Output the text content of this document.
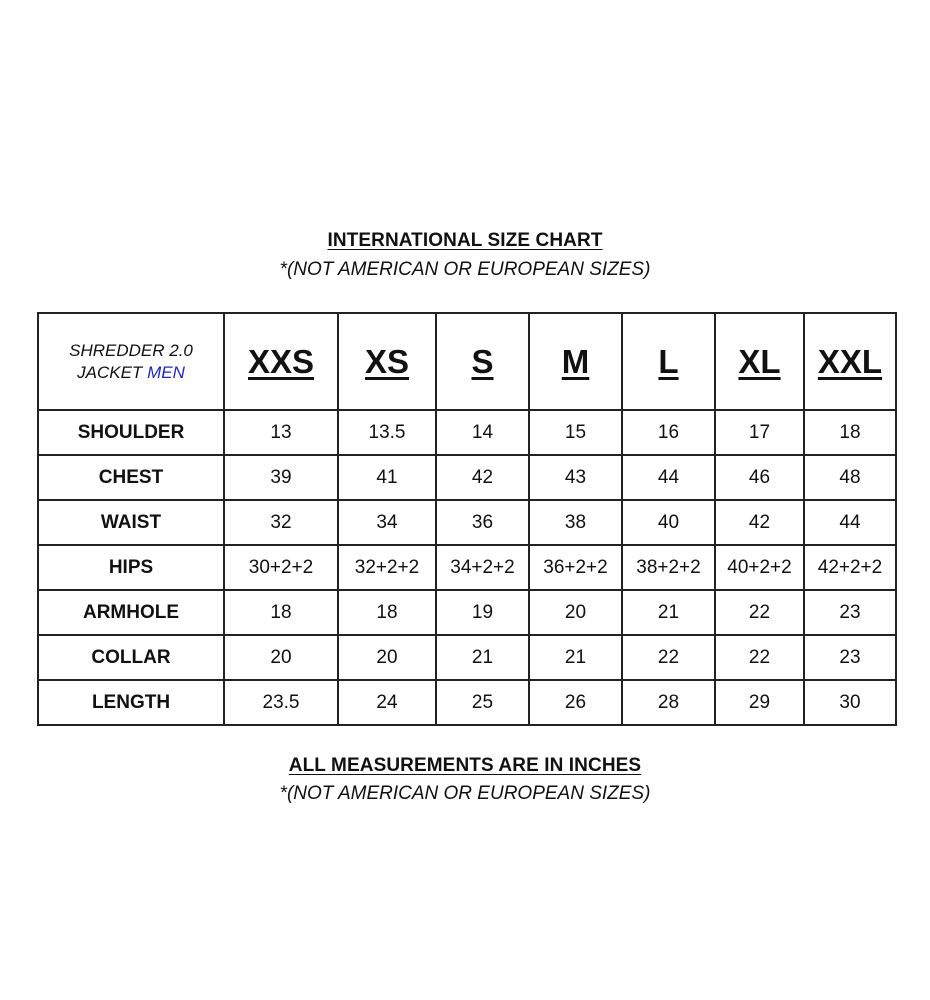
INTERNATIONAL SIZE CHART
*(NOT AMERICAN OR EUROPEAN SIZES)
SHREDDER 2.0
JACKET MEN	XXS	XS	S	M	L	XL	XXL
SHOULDER	13	13.5	14	15	16	17	18
CHEST	39	41	42	43	44	46	48
WAIST	32	34	36	38	40	42	44
HIPS	30+2+2	32+2+2	34+2+2	36+2+2	38+2+2	40+2+2	42+2+2
ARMHOLE	18	18	19	20	21	22	23
COLLAR	20	20	21	21	22	22	23
LENGTH	23.5	24	25	26	28	29	30
ALL MEASUREMENTS ARE IN INCHES
*(NOT AMERICAN OR EUROPEAN SIZES)
